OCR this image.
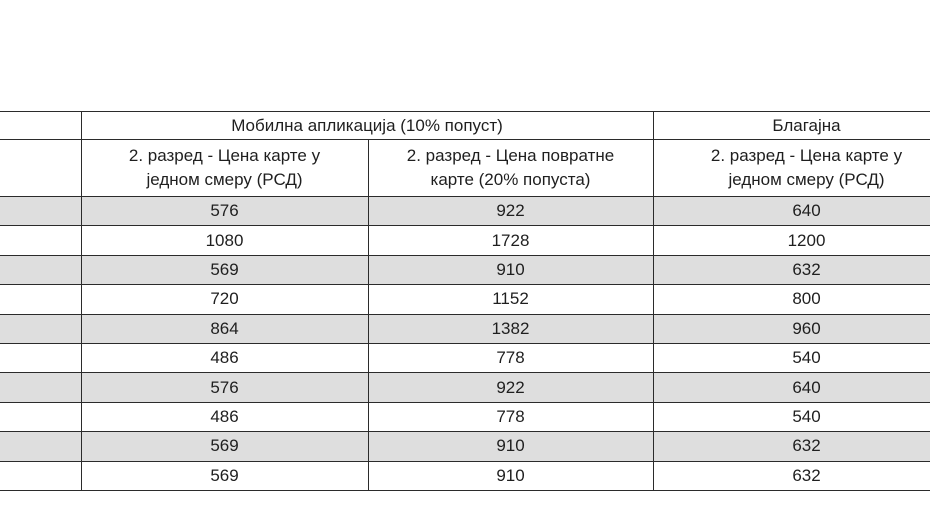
	Мобилна апликација (10% попуст)		Благајна

	2. разред - Цена карте у
једном смеру (РСД)	2. разред - Цена повратне
карте (20% попуста)	2. разред - Цена карте у
једном смеру (РСД)

	576	922	640
	1080	1728	1200
	569	910	632
	720	1152	800
	864	1382	960
	486	778	540
	576	922	640
	486	778	540
	569	910	632
	569	910	632
